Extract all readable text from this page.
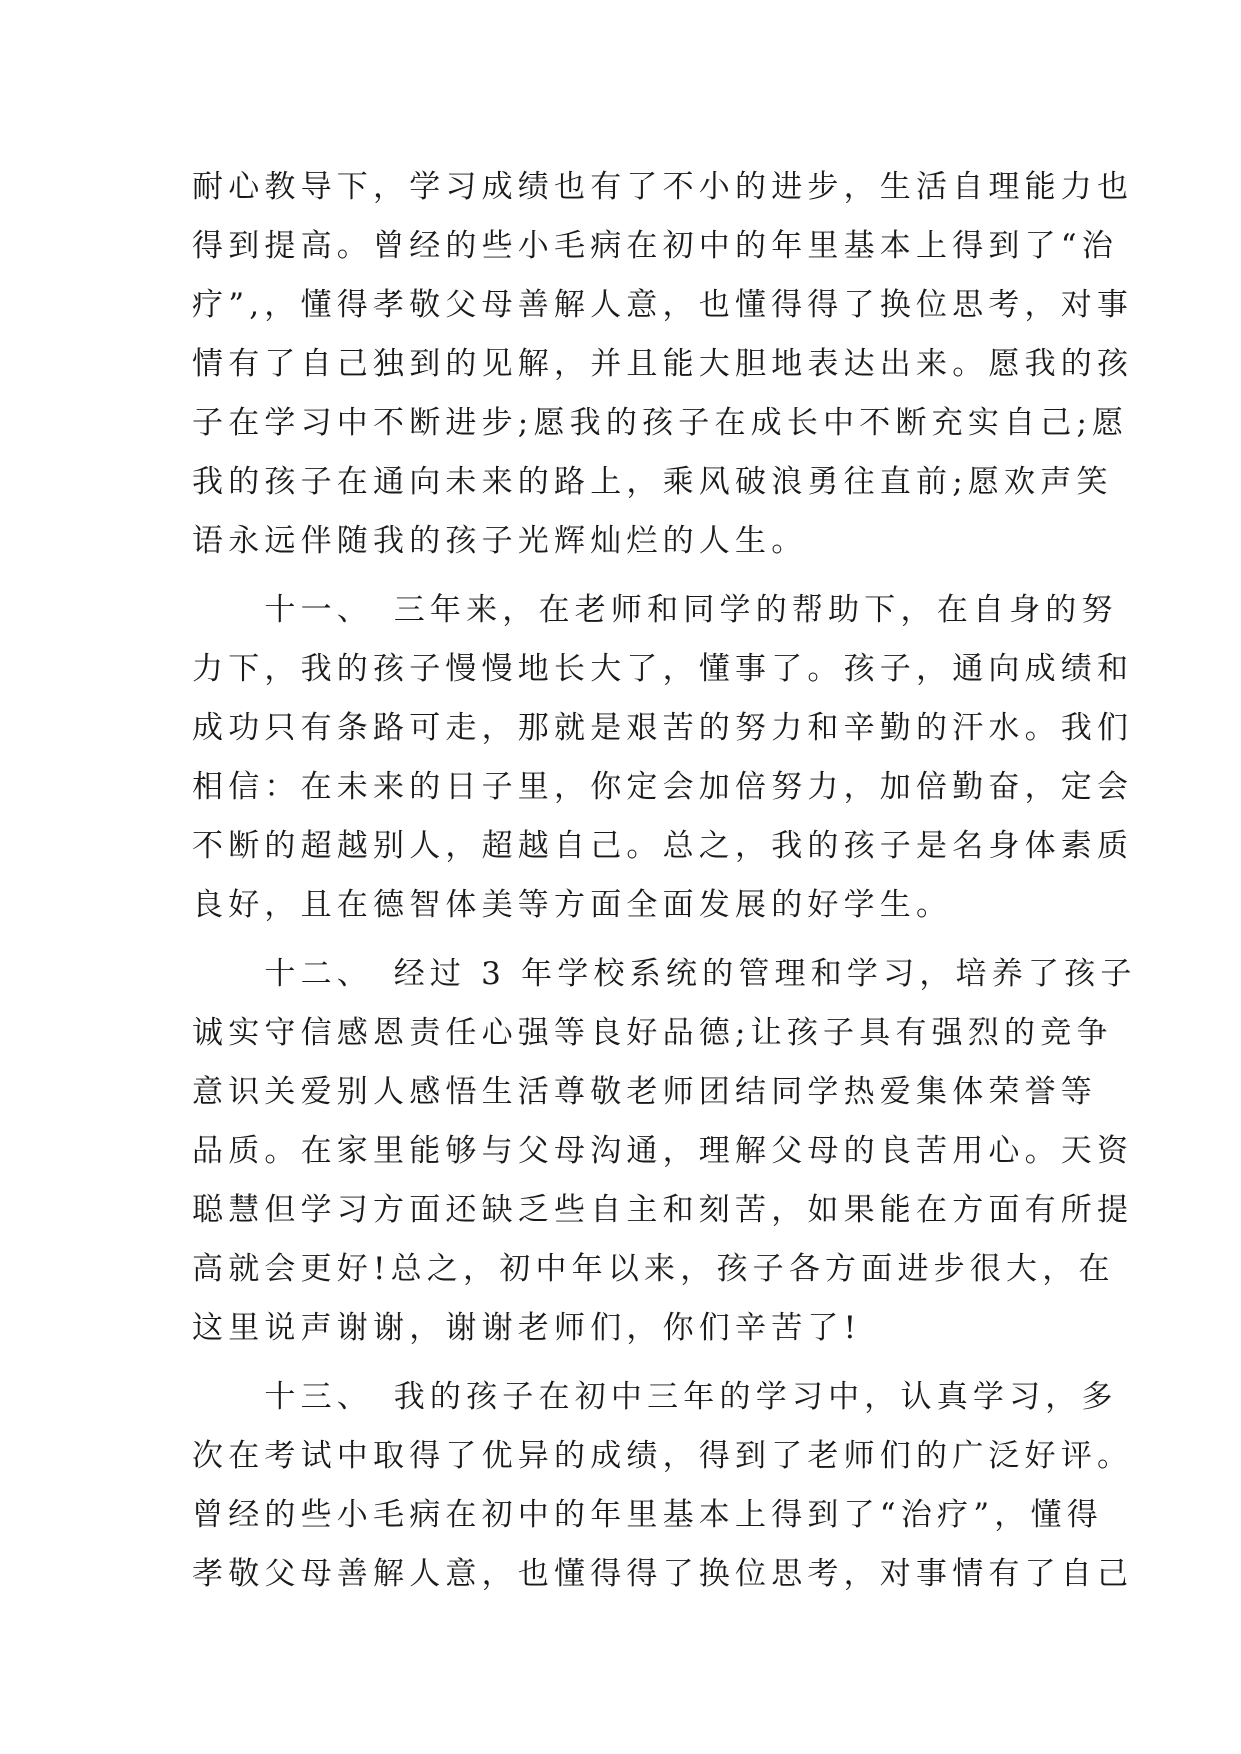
耐心教导下，学习成绩也有了不小的进步，生活自理能力也
得到提高。曾经的些小毛病在初中的年里基本上得到了“治
疗”,，懂得孝敬父母善解人意，也懂得得了换位思考，对事
情有了自己独到的见解，并且能大胆地表达出来。愿我的孩
子在学习中不断进步;愿我的孩子在成长中不断充实自己;愿
我的孩子在通向未来的路上，乘风破浪勇往直前;愿欢声笑
语永远伴随我的孩子光辉灿烂的人生。
　　十一、　三年来，在老师和同学的帮助下，在自身的努
力下，我的孩子慢慢地长大了，懂事了。孩子，通向成绩和
成功只有条路可走，那就是艰苦的努力和辛勤的汗水。我们
相信：在未来的日子里，你定会加倍努力，加倍勤奋，定会
不断的超越别人，超越自己。总之，我的孩子是名身体素质
良好，且在德智体美等方面全面发展的好学生。
　　十二、　经过 3 年学校系统的管理和学习，培养了孩子
诚实守信感恩责任心强等良好品德;让孩子具有强烈的竞争
意识关爱别人感悟生活尊敬老师团结同学热爱集体荣誉等
品质。在家里能够与父母沟通，理解父母的良苦用心。天资
聪慧但学习方面还缺乏些自主和刻苦，如果能在方面有所提
高就会更好!总之，初中年以来，孩子各方面进步很大，在
这里说声谢谢，谢谢老师们，你们辛苦了!
　　十三、　我的孩子在初中三年的学习中，认真学习，多
次在考试中取得了优异的成绩，得到了老师们的广泛好评。
曾经的些小毛病在初中的年里基本上得到了“治疗”，懂得
孝敬父母善解人意，也懂得得了换位思考，对事情有了自己
